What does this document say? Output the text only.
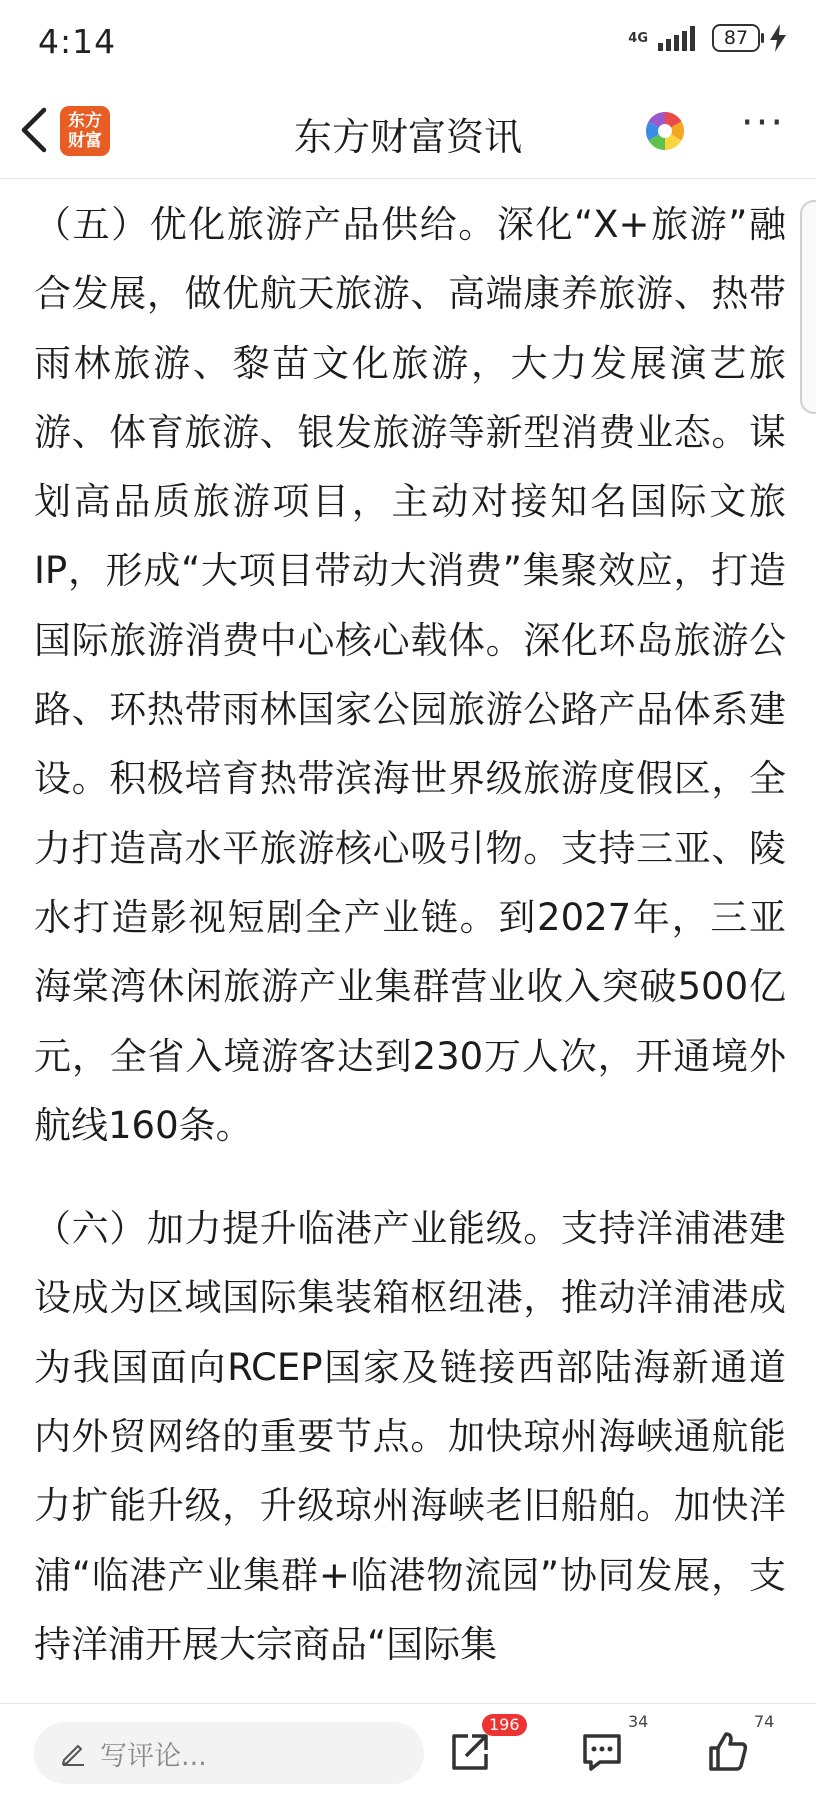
4:14	4G	87
东方
财富	东方财富资讯	···

（五）优化旅游产品供给。深化“X+旅游”融合发展，做优航天旅游、高端康养旅游、热带雨林旅游、黎苗文化旅游，大力发展演艺旅游、体育旅游、银发旅游等新型消费业态。谋划高品质旅游项目，主动对接知名国际文旅IP，形成“大项目带动大消费”集聚效应，打造国际旅游消费中心核心载体。深化环岛旅游公路、环热带雨林国家公园旅游公路产品体系建设。积极培育热带滨海世界级旅游度假区，全力打造高水平旅游核心吸引物。支持三亚、陵水打造影视短剧全产业链。到2027年，三亚海棠湾休闲旅游产业集群营业收入突破500亿元，全省入境游客达到230万人次，开通境外航线160条。

（六）加力提升临港产业能级。支持洋浦港建设成为区域国际集装箱枢纽港，推动洋浦港成为我国面向RCEP国家及链接西部陆海新通道内外贸网络的重要节点。加快琼州海峡通航能力扩能升级，升级琼州海峡老旧船舶。加快洋浦“临港产业集群+临港物流园”协同发展，支持洋浦开展大宗商品“国际集

写评论...
196	34	74
